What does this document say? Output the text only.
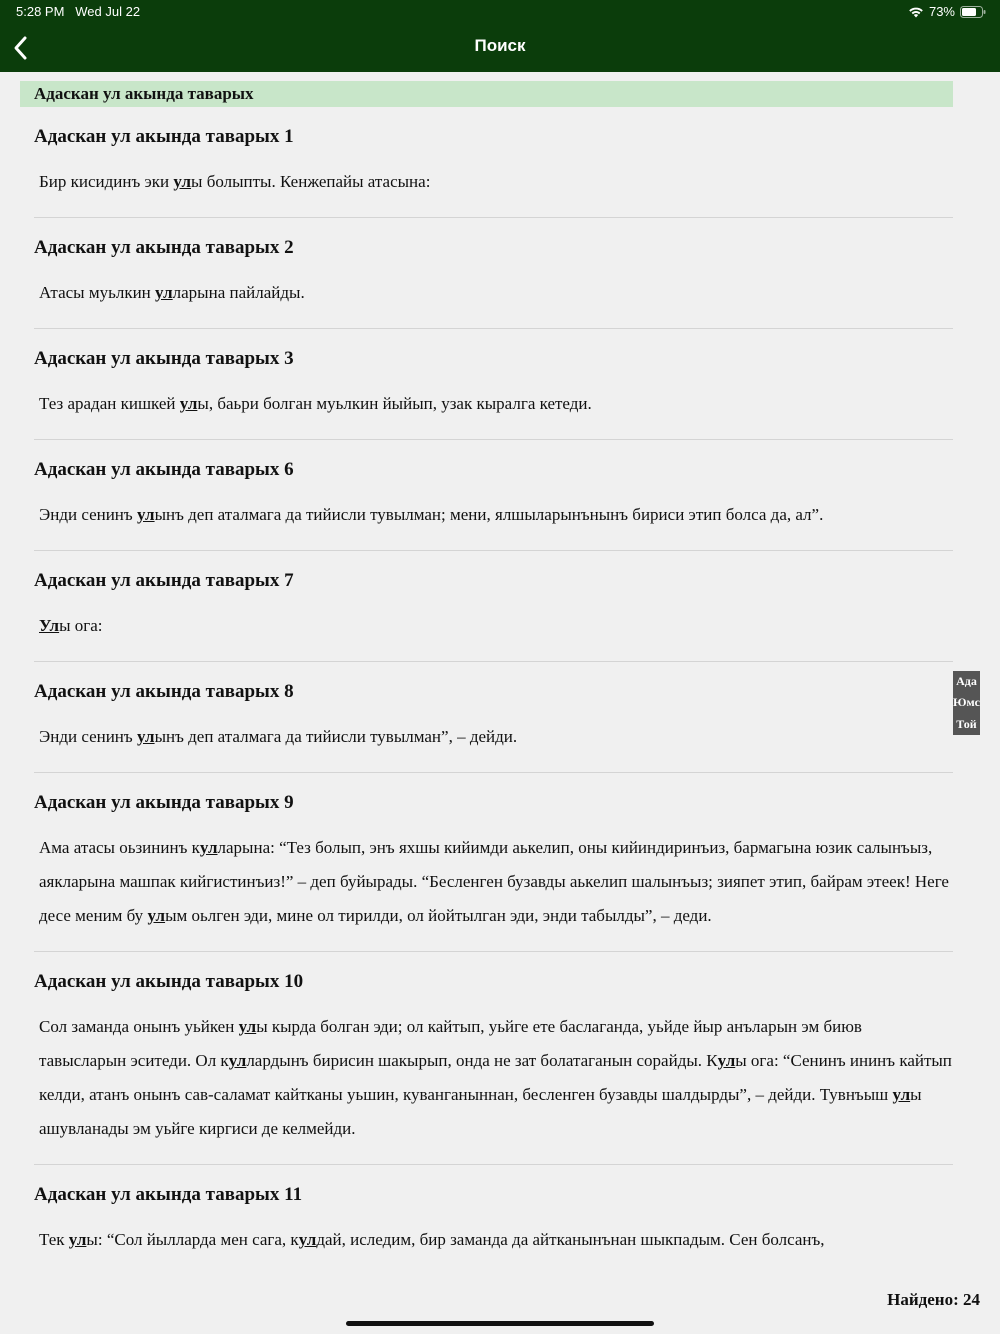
5:28 PM Wed Jul 22	73%
Поиск
Адаскан ул акында таварых

Адаскан ул акында таварых 1

Бир кисидинъ эки улы болыпты. Кенжепайы атасына:

Адаскан ул акында таварых 2

Атасы муьлкин улларына пайлайды.

Адаскан ул акында таварых 3

Тез арадан кишкей улы, баьри болган муьлкин йыйып, узак кыралга кетеди.

Адаскан ул акында таварых 6

Энди сенинъ улынъ деп аталмага да тийисли тувылман; мени, ялшыларынънынъ бириси этип болса да, ал”.

Адаскан ул акында таварых 7

Улы ога:

Адаскан ул акында таварых 8

Энди сенинъ улынъ деп аталмага да тийисли тувылман”, – дейди.

Адаскан ул акында таварых 9

Ама атасы оьзининъ кулларына: “Тез болып, энъ яхшы кийимди аькелип, оны кийиндиринъиз, бармагына юзик салынъыз, аякларына машпак кийгистинъиз!” – деп буйырады. “Бесленген бузавды аькелип шалынъыз; зияпет этип, байрам этеек! Неге десе меним бу улым оьлген эди, мине ол тирилди, ол йойтылган эди, энди табылды”, – деди.

Адаскан ул акында таварых 10

Сол заманда онынъ уьйкен улы кырда болган эди; ол кайтып, уьйге ете баслаганда, уьйде йыр анъларын эм биюв тавысларын эситеди. Ол куллардынъ бирисин шакырып, онда не зат болатаганын сорайды. Кулы ога: “Сенинъ ининъ кайтып келди, атанъ онынъ сав-саламат кайтканы уьшин, куванганыннан, бесленген бузавды шалдырды”, – дейди. Тувнъыш улы ашувланады эм уьйге киргиси де келмейди.

Адаскан ул акында таварых 11

Тек улы: “Сол йылларда мен сага, кулдай, иследим, бир заманда да айтканынънан шыкпадым. Сен болсанъ,

Ада
Юмс
Той
Найдено: 24
